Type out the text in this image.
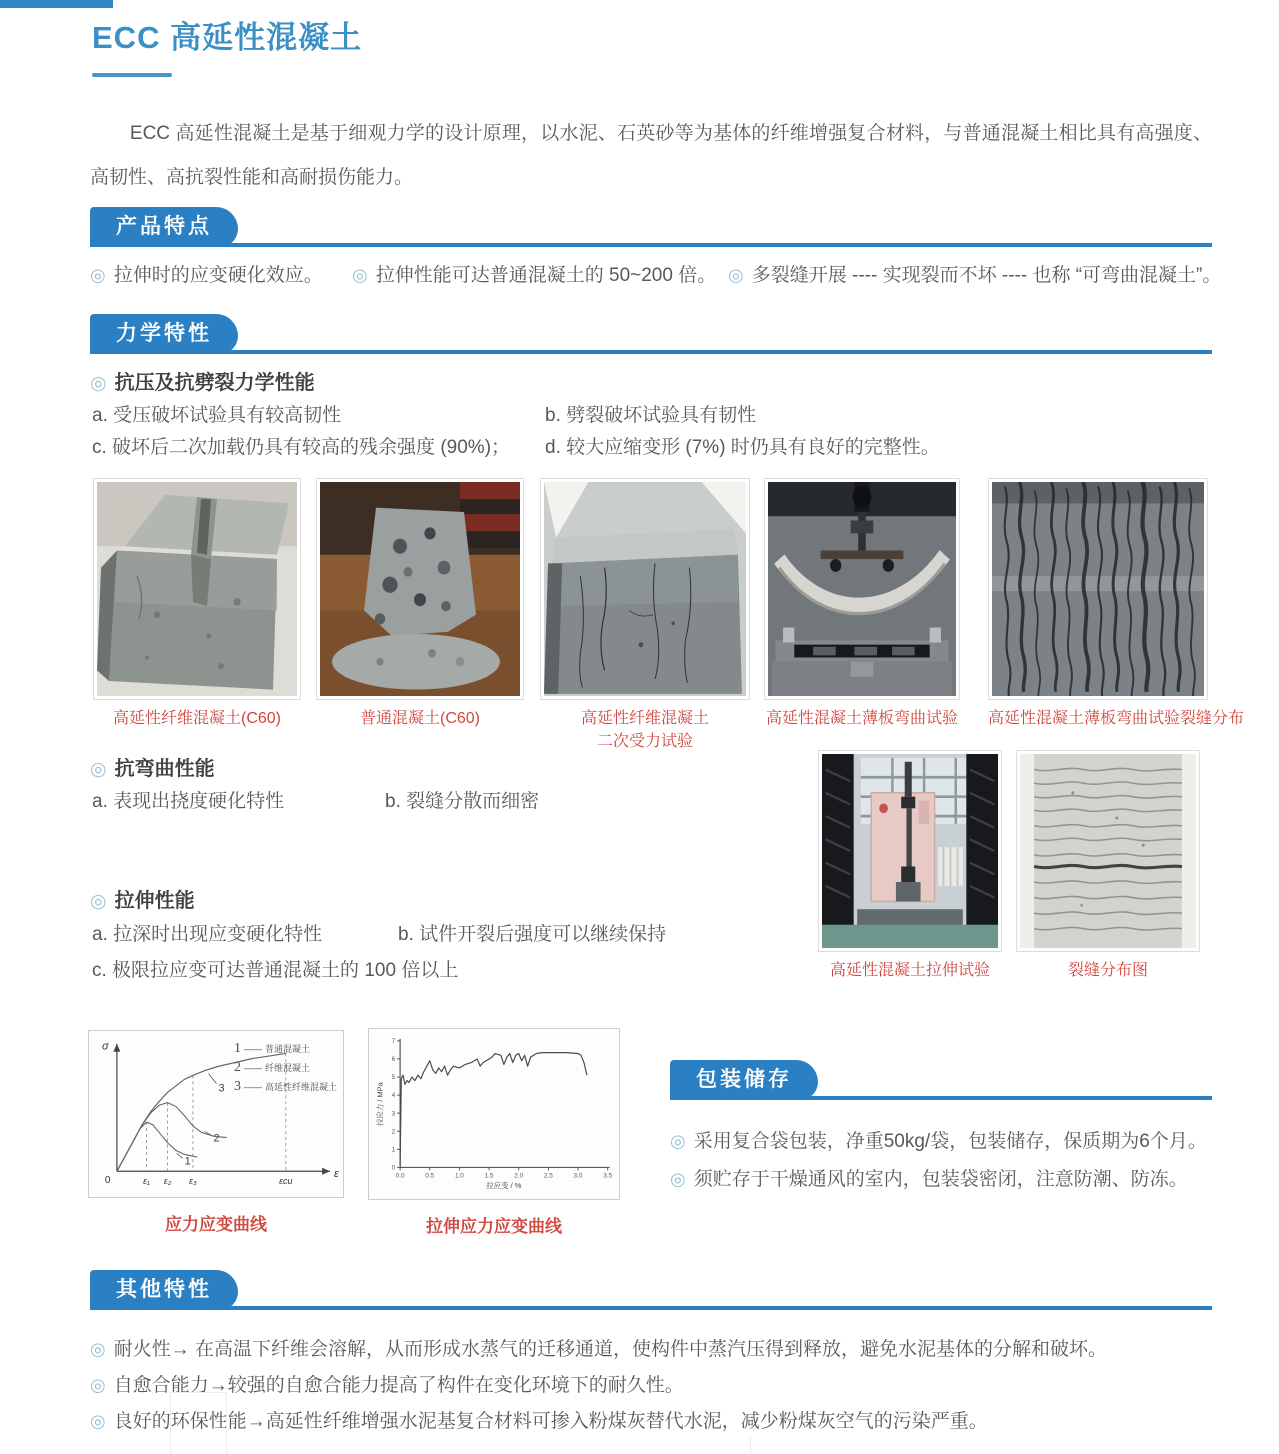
ECC 高延性混凝土
ECC 高延性混凝土是基于细观力学的设计原理，以水泥、石英砂等为基体的纤维增强复合材料，与普通混凝土相比具有高强度、高韧性、高抗裂性能和高耐损伤能力。
产品特点
◎ 拉伸时的应变硬化效应。 ◎ 拉伸性能可达普通混凝土的 50~200 倍。 ◎ 多裂缝开展 ---- 实现裂而不坏 ---- 也称 “可弯曲混凝土”。
力学特性
◎ 抗压及抗劈裂力学性能
a. 受压破坏试验具有较高韧性	b. 劈裂破坏试验具有韧性
c. 破坏后二次加载仍具有较高的残余强度 (90%)； d. 较大应缩变形 (7%) 时仍具有良好的完整性。
高延性纤维混凝土(C60)	普通混凝土(C60)	高延性纤维混凝土
二次受力试验
高延性混凝土薄板弯曲试验 高延性混凝土薄板弯曲试验裂缝分布
◎ 抗弯曲性能
a. 表现出挠度硬化特性	b. 裂缝分散而细密
◎ 拉伸性能
a. 拉深时出现应变硬化特性	b. 试件开裂后强度可以继续保持
c. 极限拉应变可达普通混凝土的 100 倍以上	高延性混凝土拉伸试验	裂缝分布图
σ
ε
0
3
2
1
ε₁ ε₂ ε₃	εcu
1 —— 普通混凝土
2 —— 纤维混凝土
3 —— 高延性纤维混凝土
应力应变曲线
0.0	0.5	1.0	1.5	2.0	2.5	3.0	3.5
0
1
2
3
4
5
6
7
拉应变 / %
拉应力 / MPa
拉伸应力应变曲线
包装储存
◎ 采用复合袋包装，净重50kg/袋，包装储存，保质期为6个月。
◎ 须贮存于干燥通风的室内，包装袋密闭，注意防潮、防冻。
其他特性
◎ 耐火性→ 在高温下纤维会溶解，从而形成水蒸气的迁移通道，使构件中蒸汽压得到释放，避免水泥基体的分解和破坏。
◎ 自愈合能力→较强的自愈合能力提高了构件在变化环境下的耐久性。
◎ 良好的环保性能→高延性纤维增强水泥基复合材料可掺入粉煤灰替代水泥，减少粉煤灰空气的污染严重。
